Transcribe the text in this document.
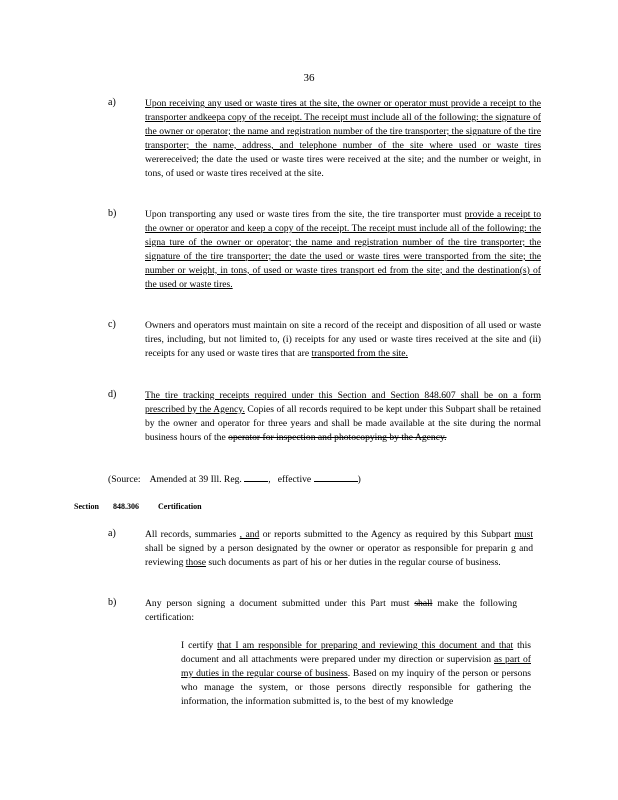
36
a)	Upon receiving any used or waste tires at the site, the owner or operator must provide a receipt to the transporter andkeepa copy of the receipt. The receipt must include all of the following: the signature of the owner or operator; the name and registration number of the tire transporter; the signature of the tire transporter; the name, address, and telephone number of the site where used or waste tires werereceived; the date the used or waste tires were received at the site; and the number or weight, in tons, of used or waste tires received at the site.
b)	Upon transporting any used or waste tires from the site, the tire transporter must provide a receipt to the owner or operator and keep a copy of the receipt. The receipt must include all of the following: the signa ture of the owner or operator; the name and registration number of the tire transporter; the signature of the tire transporter; the date the used or waste tires were transported from the site; the number or weight, in tons, of used or waste tires transport ed from the site; and the destination(s) of the used or waste tires.
c)	Owners and operators must maintain on site a record of the receipt and disposition of all used or waste tires, including, but not limited to, (i) receipts for any used or waste tires received at the site and (ii) receipts for any used or waste tires that are transported from the site.
d)	The tire tracking receipts required under this Section and Section 848.607 shall be on a form prescribed by the Agency. Copies of all records required to be kept under this Subpart shall be retained by the owner and operator for three years and shall be made available at the site during the normal business hours of the operator for inspection and photocopying by the Agency.
(Source: Amended at 39 Ill. Reg.	, effective	)
Section 848.306 Certification
a)	All records, summaries , and or reports submitted to the Agency as required by this Subpart must shall be signed by a person designated by the owner or operator as responsible for preparin g and reviewing those such documents as part of his or her duties in the regular course of business.
b)	Any person signing a document submitted under this Part must shall make the following certification:
I certify that I am responsible for preparing and reviewing this document and that this document and all attachments were prepared under my direction or supervision as part of my duties in the regular course of business. Based on my inquiry of the person or persons who manage the system, or those persons directly responsible for gathering the information, the information submitted is, to the best of my knowledge
